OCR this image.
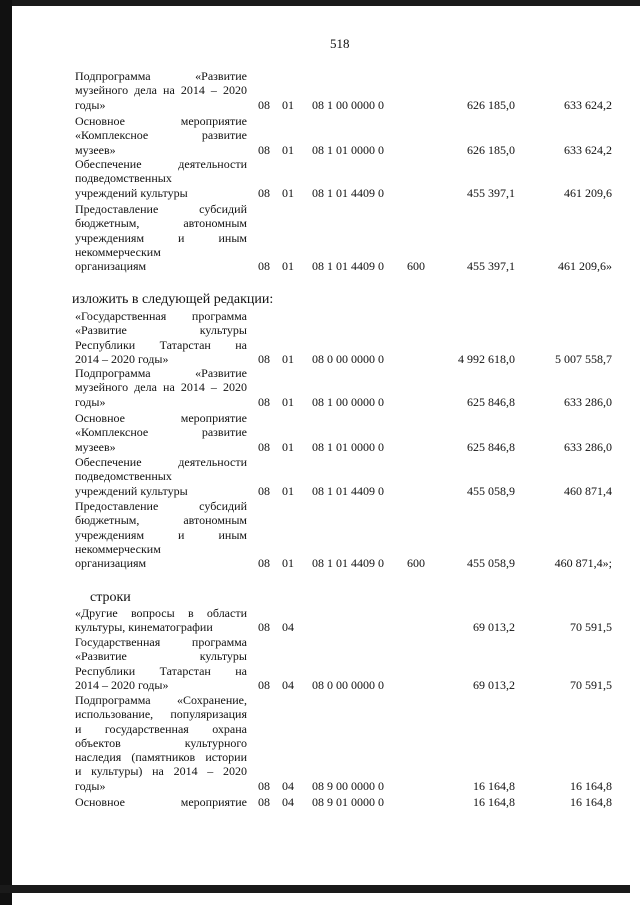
518
Подпрограмма «Развитие
музейного дела на 2014 – 2020
годы»	08 01 08 1 00 0000 0	626 185,0	633 624,2
Основное мероприятие
«Комплексное развитие
музеев»	08 01 08 1 01 0000 0	626 185,0	633 624,2
Обеспечение деятельности
подведомственных
учреждений культуры	08 01 08 1 01 4409 0	455 397,1	461 209,6
Предоставление субсидий
бюджетным, автономным
учреждениям и иным
некоммерческим
организациям	08 01 08 1 01 4409 0 600	455 397,1	461 209,6»
изложить в следующей редакции:
«Государственная программа
«Развитие культуры
Республики Татарстан на
2014 – 2020 годы»	08 01 08 0 00 0000 0	4 992 618,0	5 007 558,7
Подпрограмма «Развитие
музейного дела на 2014 – 2020
годы»	08 01 08 1 00 0000 0	625 846,8	633 286,0
Основное мероприятие
«Комплексное развитие
музеев»	08 01 08 1 01 0000 0	625 846,8	633 286,0
Обеспечение деятельности
подведомственных
учреждений культуры	08 01 08 1 01 4409 0	455 058,9	460 871,4
Предоставление субсидий
бюджетным, автономным
учреждениям и иным
некоммерческим
организациям	08 01 08 1 01 4409 0 600	455 058,9	460 871,4»;
строки
«Другие вопросы в области
культуры, кинематографии	08 04	69 013,2	70 591,5
Государственная программа
«Развитие культуры
Республики Татарстан на
2014 – 2020 годы»	08 04 08 0 00 0000 0	69 013,2	70 591,5
Подпрограмма «Сохранение,
использование, популяризация
и государственная охрана
объектов культурного
наследия (памятников истории
и культуры) на 2014 – 2020
годы»	08 04 08 9 00 0000 0	16 164,8	16 164,8
Основное мероприятие 08 04 08 9 01 0000 0	16 164,8	16 164,8
